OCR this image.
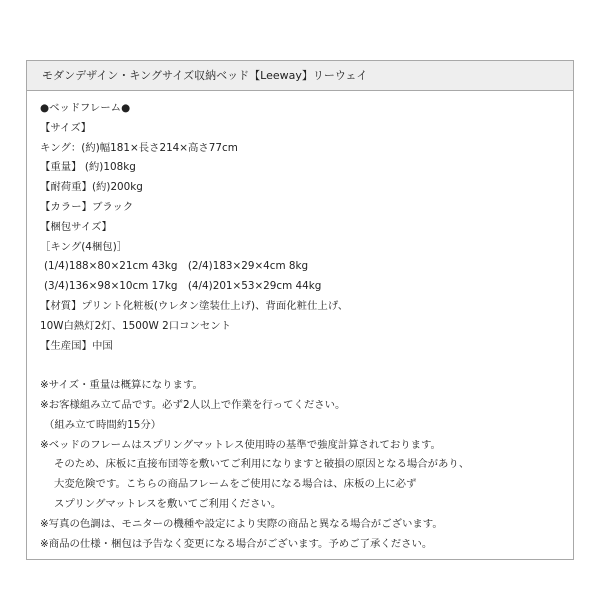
モダンデザイン・キングサイズ収納ベッド【Leeway】リーウェイ
●ベッドフレーム●
【サイズ】
キング：(約)幅181×長さ214×高さ77cm
【重量】 (約)108kg
【耐荷重】(約)200kg
【カラー】ブラック
【梱包サイズ】
［キング(4梱包)］
(1/4)188×80×21cm 43kg　(2/4)183×29×4cm 8kg
(3/4)136×98×10cm 17kg　(4/4)201×53×29cm 44kg
【材質】プリント化粧板(ウレタン塗装仕上げ)、背面化粧仕上げ、
10W白熱灯2灯、1500W 2口コンセント
【生産国】中国
※サイズ・重量は概算になります。
※お客様組み立て品です。必ず2人以上で作業を行ってください。
（組み立て時間約15分）
※ベッドのフレームはスプリングマットレス使用時の基準で強度計算されております。
そのため、床板に直接布団等を敷いてご利用になりますと破損の原因となる場合があり、
大変危険です。こちらの商品フレームをご使用になる場合は、床板の上に必ず
スプリングマットレスを敷いてご利用ください。
※写真の色調は、モニターの機種や設定により実際の商品と異なる場合がございます。
※商品の仕様・梱包は予告なく変更になる場合がございます。予めご了承ください。
